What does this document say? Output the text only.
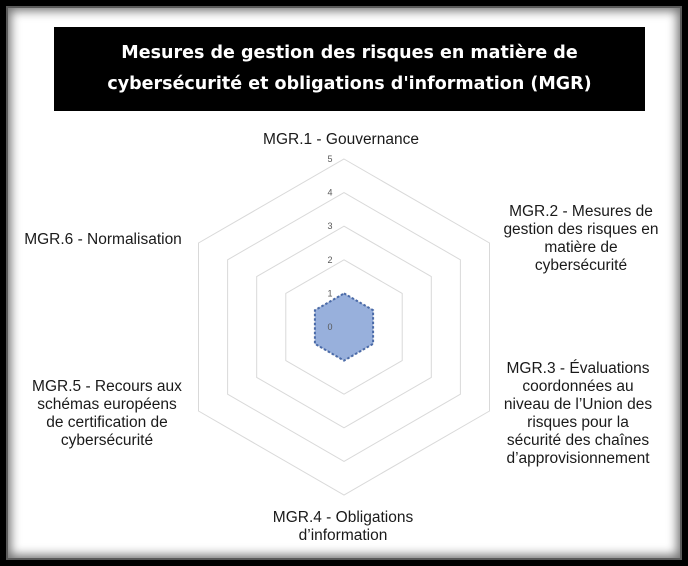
Mesures de gestion des risques en matière de cybersécurité et obligations d'information (MGR)
0
1
2
3
4
5
MGR.1 - Gouvernance
MGR.2 - Mesures de gestion des risques en matière de cybersécurité
MGR.3 - Évaluations coordonnées au niveau de l’Union des risques pour la sécurité des chaînes d’approvisionnement
MGR.4 - Obligations d’information
MGR.5 - Recours aux schémas européens de certification de cybersécurité
MGR.6 - Normalisation
